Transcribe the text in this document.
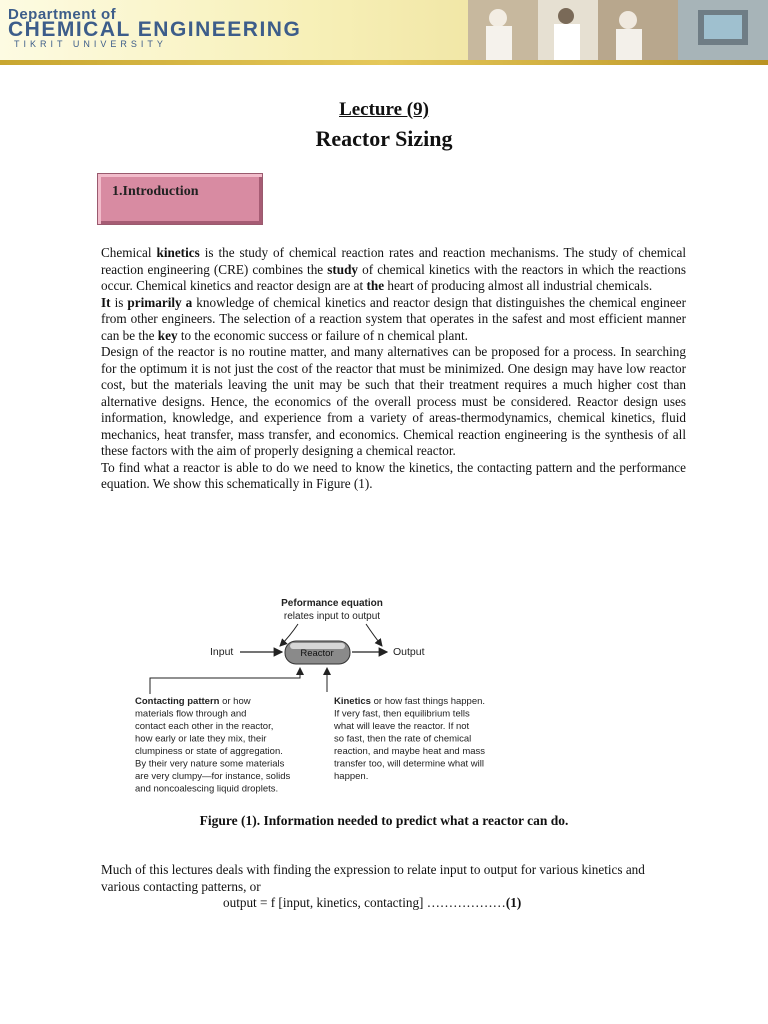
Department of
CHEMICAL ENGINEERING
TIKRIT UNIVERSITY
Lecture (9)
Reactor Sizing
1.Introduction

Chemical kinetics is the study of chemical reaction rates and reaction mechanisms. The study of chemical reaction engineering (CRE) combines the study of chemical kinetics with the reactors in which the reactions occur. Chemical kinetics and reactor design are at the heart of producing almost all industrial chemicals.

It is primarily a knowledge of chemical kinetics and reactor design that distinguishes the chemical engineer from other engineers. The selection of a reaction system that operates in the safest and most efficient manner can be the key to the economic success or failure of n chemical plant.

Design of the reactor is no routine matter, and many alternatives can be proposed for a process. In searching for the optimum it is not just the cost of the reactor that must be minimized. One design may have low reactor cost, but the materials leaving the unit may be such that their treatment requires a much higher cost than alternative designs. Hence, the economics of the overall process must be considered. Reactor design uses information, knowledge, and experience from a variety of areas-thermodynamics, chemical kinetics, fluid mechanics, heat transfer, mass transfer, and economics. Chemical reaction engineering is the synthesis of all these factors with the aim of properly designing a chemical reactor.

To find what a reactor is able to do we need to know the kinetics, the contacting pattern and the performance equation. We show this schematically in Figure (1).

Peformance equation
relates input to output
Input	Reactor	Output
Contacting pattern or how materials flow through and contact each other in the reactor, how early or late they mix, their clumpiness or state of aggregation. By their very nature some materials are very clumpy—for instance, solids and noncoalescing liquid droplets.
Kinetics or how fast things happen. If very fast, then equilibrium tells what will leave the reactor. If not so fast, then the rate of chemical reaction, and maybe heat and mass transfer too, will determine what will happen.
Figure (1). Information needed to predict what a reactor can do.
Much of this lectures deals with finding the expression to relate input to output for various kinetics and various contacting patterns, or
output = f [input, kinetics, contacting] ………………(1)
